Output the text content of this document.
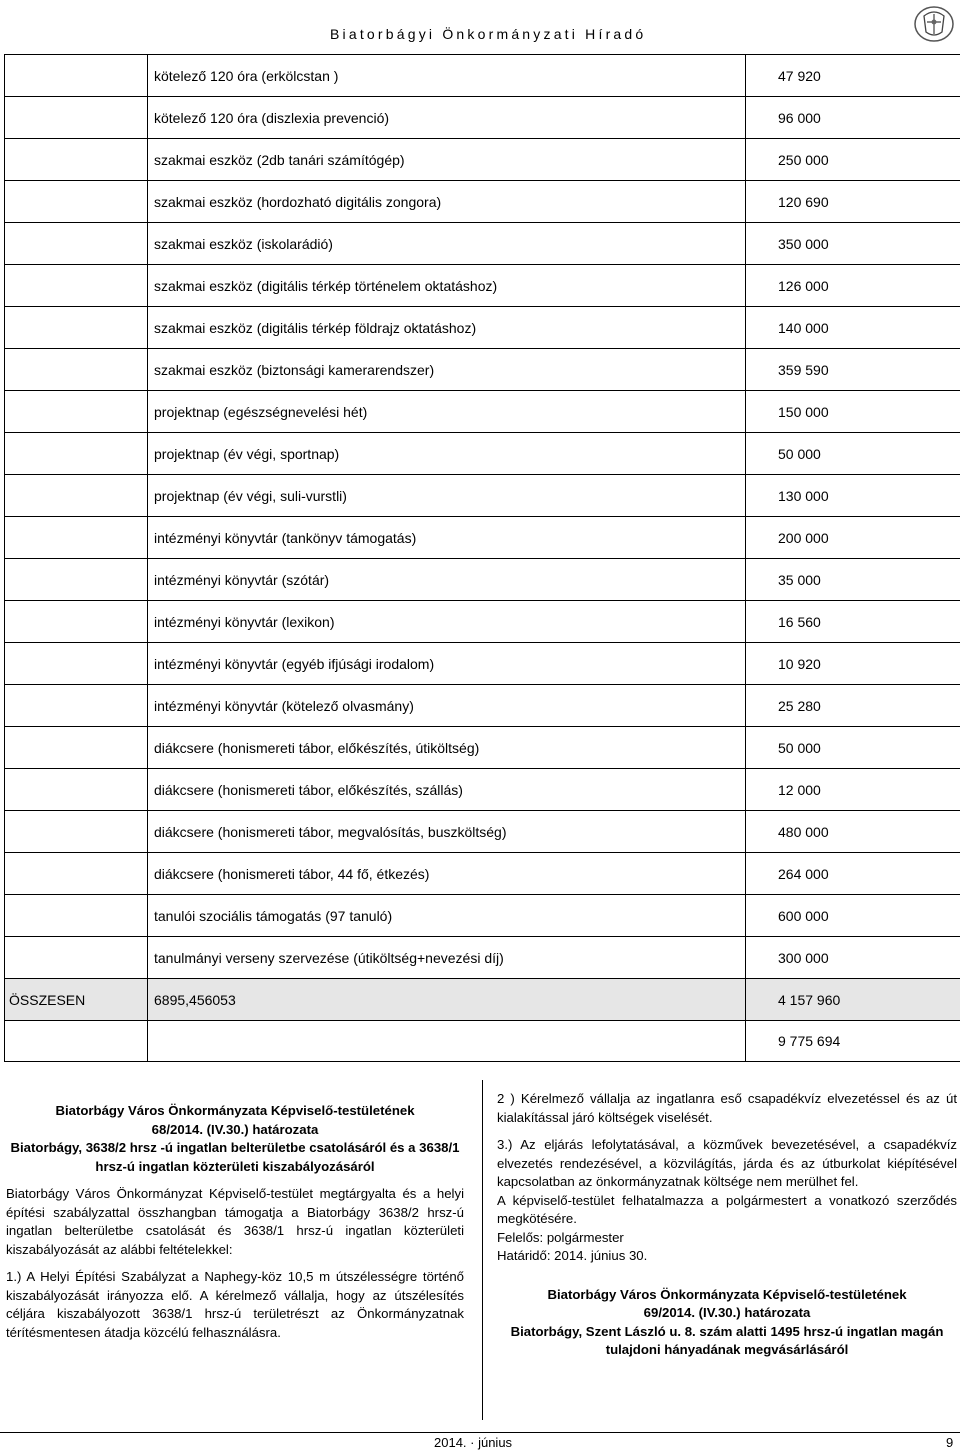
Biatorbágyi Önkormányzati Híradó
	kötelező 120 óra (erkölcstan )	47 920
	kötelező 120 óra (diszlexia prevenció)	96 000
	szakmai eszköz (2db tanári számítógép)	250 000
	szakmai eszköz (hordozható digitális zongora)	120 690
	szakmai eszköz (iskolarádió)	350 000
	szakmai eszköz (digitális térkép történelem oktatáshoz)	126 000
	szakmai eszköz (digitális térkép földrajz oktatáshoz)	140 000
	szakmai eszköz (biztonsági kamerarendszer)	359 590
	projektnap (egészségnevelési hét)	150 000
	projektnap (év végi, sportnap)	50 000
	projektnap (év végi, suli-vurstli)	130 000
	intézményi könyvtár (tankönyv támogatás)	200 000
	intézményi könyvtár (szótár)	35 000
	intézményi könyvtár (lexikon)	16 560
	intézményi könyvtár (egyéb ifjúsági irodalom)	10 920
	intézményi könyvtár (kötelező olvasmány)	25 280
	diákcsere (honismereti tábor, előkészítés, útiköltség)	50 000
	diákcsere (honismereti tábor, előkészítés, szállás)	12 000
	diákcsere (honismereti tábor, megvalósítás, buszköltség)	480 000
	diákcsere (honismereti tábor, 44 fő, étkezés)	264 000
	tanulói szociális támogatás (97 tanuló)	600 000
	tanulmányi verseny szervezése (útiköltség+nevezési díj)	300 000
ÖSSZESEN	6895,456053	4 157 960
		9 775 694

Biatorbágy Város Önkormányzata Képviselő-testületének

68/2014. (IV.30.) határozata

Biatorbágy, 3638/2 hrsz -ú ingatlan belterületbe csatolásáról és a 3638/1 hrsz-ú ingatlan közterületi kiszabályozásáról

Biatorbágy Város Önkormányzat Képviselő-testület megtárgyalta és a helyi építési szabályzattal összhangban támogatja a Biatorbágy 3638/2 hrsz-ú ingatlan belterületbe csatolását és 3638/1 hrsz-ú ingatlan közterületi kiszabályozását az alábbi feltételekkel:

1.) A Helyi Építési Szabályzat a Naphegy-köz 10,5 m útszélességre történő kiszabályozását irányozza elő. A kérelmező vállalja, hogy az útszélesítés céljára kiszabályozott 3638/1 hrsz-ú területrészt az Önkormányzatnak térítésmentesen átadja közcélú felhasználásra.

2 ) Kérelmező vállalja az ingatlanra eső csapadékvíz elvezetéssel és az út kialakítással járó költségek viselését.

3.) Az eljárás lefolytatásával, a közművek bevezetésével, a csapadékvíz elvezetés rendezésével, a közvilágítás, járda és az útburkolat kiépítésével kapcsolatban az önkormányzatnak költsége nem merülhet fel.

A képviselő-testület felhatalmazza a polgármestert a vonatkozó szerződés megkötésére.

Felelős: polgármester

Határidő: 2014. június 30.

Biatorbágy Város Önkormányzata Képviselő-testületének

69/2014. (IV.30.) határozata

Biatorbágy, Szent László u. 8. szám alatti 1495 hrsz-ú ingatlan magán tulajdoni hányadának megvásárlásáról

2014. · június	9
